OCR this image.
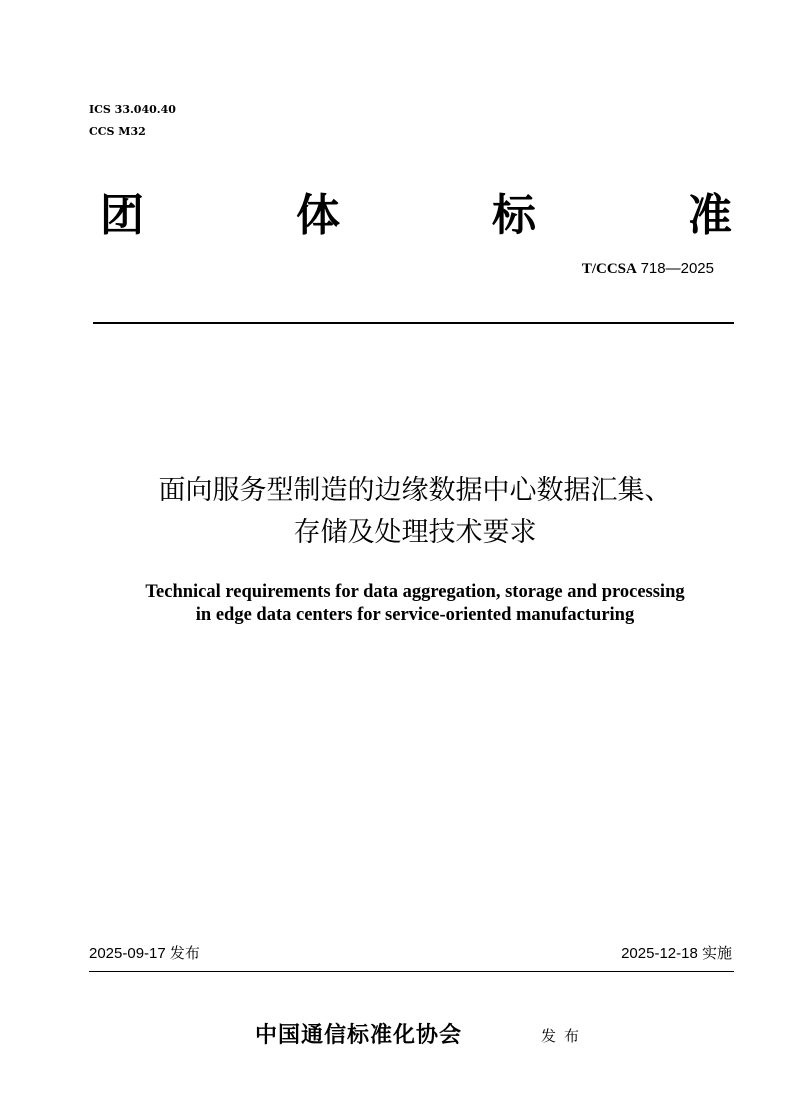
ICS 33.040.40
CCS M32
团	体	标	准
T/CCSA 718—2025
面向服务型制造的边缘数据中心数据汇集、
存储及处理技术要求
Technical requirements for data aggregation, storage and processing
in edge data centers for service-oriented manufacturing
2025-09-17 发布	2025-12-18 实施
中国通信标准化协会	发布
